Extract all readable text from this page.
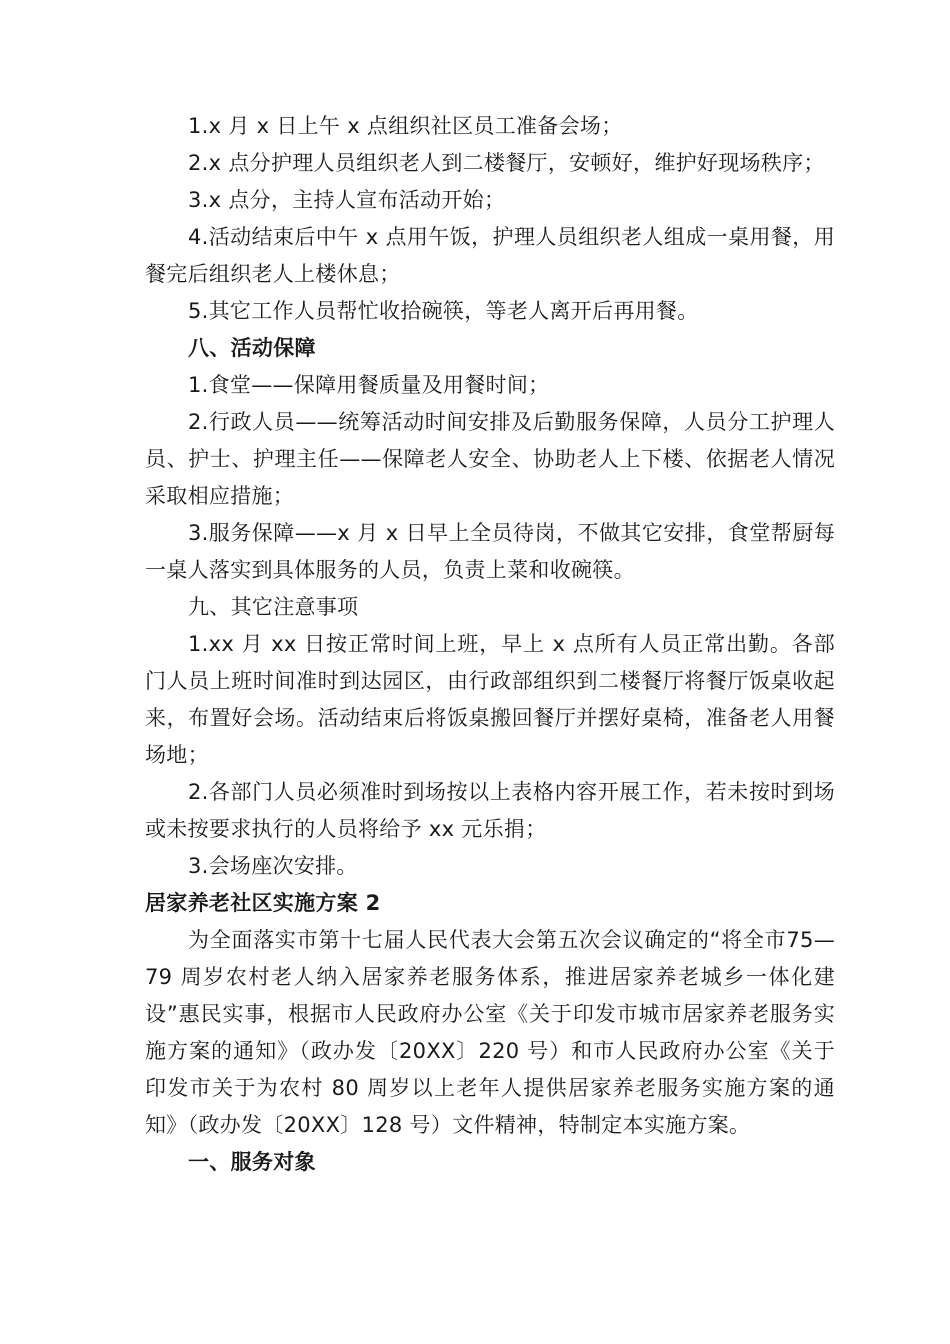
1.x 月 x 日上午 x 点组织社区员工准备会场；

2.x 点分护理人员组织老人到二楼餐厅，安顿好，维护好现场秩序；

3.x 点分，主持人宣布活动开始；

4.活动结束后中午 x 点用午饭，护理人员组织老人组成一桌用餐，用餐完后组织老人上楼休息；

5.其它工作人员帮忙收拾碗筷，等老人离开后再用餐。

八、活动保障

1.食堂——保障用餐质量及用餐时间；

2.行政人员——统筹活动时间安排及后勤服务保障，人员分工护理人员、护士、护理主任——保障老人安全、协助老人上下楼、依据老人情况采取相应措施；

3.服务保障——x 月 x 日早上全员待岗，不做其它安排，食堂帮厨每一桌人落实到具体服务的人员，负责上菜和收碗筷。

九、其它注意事项

1.xx 月 xx 日按正常时间上班，早上 x 点所有人员正常出勤。各部门人员上班时间准时到达园区，由行政部组织到二楼餐厅将餐厅饭桌收起来，布置好会场。活动结束后将饭桌搬回餐厅并摆好桌椅，准备老人用餐场地；

2.各部门人员必须准时到场按以上表格内容开展工作，若未按时到场或未按要求执行的人员将给予 xx 元乐捐；

3.会场座次安排。

居家养老社区实施方案 2

为全面落实市第十七届人民代表大会第五次会议确定的“将全市75—79 周岁农村老人纳入居家养老服务体系，推进居家养老城乡一体化建设”惠民实事，根据市人民政府办公室《关于印发市城市居家养老服务实施方案的通知》（政办发〔20XX〕220 号）和市人民政府办公室《关于印发市关于为农村 80 周岁以上老年人提供居家养老服务实施方案的通知》（政办发〔20XX〕128 号）文件精神，特制定本实施方案。

一、服务对象
